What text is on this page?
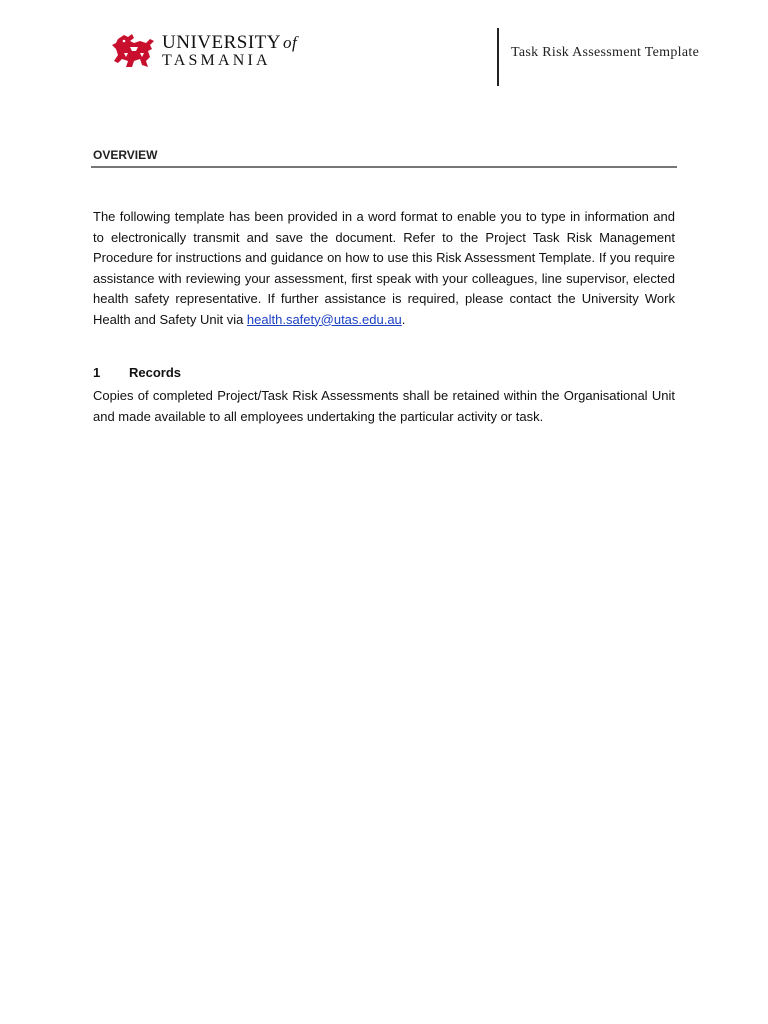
UNIVERSITY of
TASMANIA	Task Risk Assessment Template
OVERVIEW

The following template has been provided in a word format to enable you to type in information and to electronically transmit and save the document. Refer to the Project Task Risk Management Procedure for instructions and guidance on how to use this Risk Assessment Template. If you require assistance with reviewing your assessment, first speak with your colleagues, line supervisor, elected health safety representative. If further assistance is required, please contact the University Work Health and Safety Unit via health.safety@utas.edu.au.

1	Records

Copies of completed Project/Task Risk Assessments shall be retained within the Organisational Unit and made available to all employees undertaking the particular activity or task.
